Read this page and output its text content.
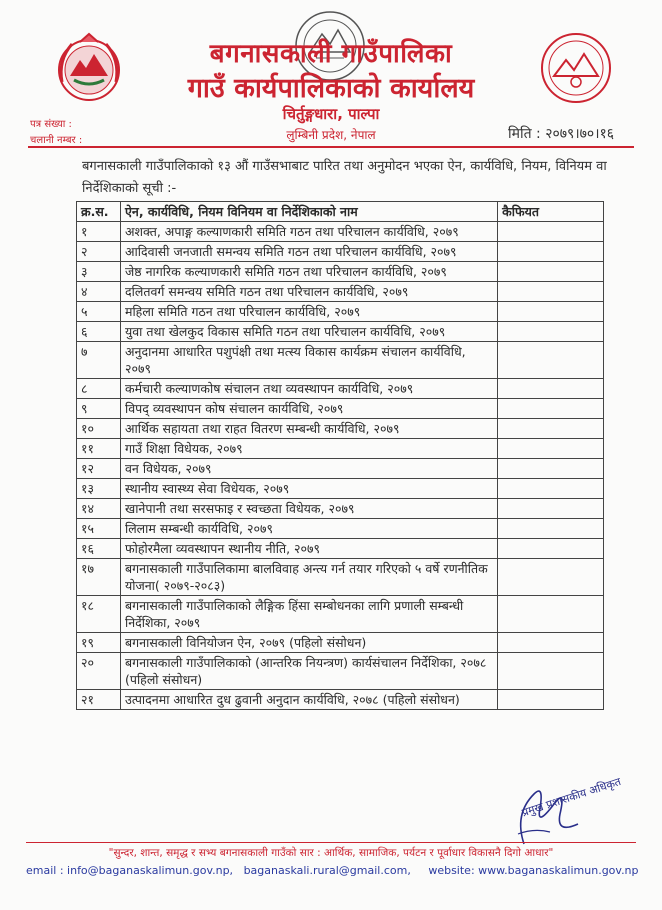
बगनासकाली गाउँपालिका
गाउँ कार्यपालिकाको कार्यालय
चिर्तुङ्गधारा, पाल्पा
लुम्बिनी प्रदेश, नेपाल
पत्र संख्या :
चलानी नम्बर :	मिति : २०७९।७०।१६
बगनासकाली गाउँपालिकाको १३ औं गाउँसभाबाट पारित तथा अनुमोदन भएका ऐन, कार्यविधि, नियम, विनियम वा निर्देशिकाको सूची :-
क्र.स.	ऐन, कार्यविधि, नियम विनियम वा निर्देशिकाको नाम	कैफियत
१	अशक्त, अपाङ्ग कल्याणकारी समिति गठन तथा परिचालन कार्यविधि, २०७९	
२	आदिवासी जनजाती समन्वय समिति गठन तथा परिचालन कार्यविधि, २०७९	
३	जेष्ठ नागरिक कल्याणकारी समिति गठन तथा परिचालन कार्यविधि, २०७९	
४	दलितवर्ग समन्वय समिति गठन तथा परिचालन कार्यविधि, २०७९	
५	महिला समिति गठन तथा परिचालन कार्यविधि, २०७९	
६	युवा तथा खेलकुद विकास समिति गठन तथा परिचालन कार्यविधि, २०७९	
७	अनुदानमा आधारित पशुपंक्षी तथा मत्स्य विकास कार्यक्रम संचालन कार्यविधि, २०७९	
८	कर्मचारी कल्याणकोष संचालन तथा व्यवस्थापन कार्यविधि, २०७९	
९	विपद् व्यवस्थापन कोष संचालन कार्यविधि, २०७९	
१०	आर्थिक सहायता तथा राहत वितरण सम्बन्धी कार्यविधि, २०७९	
११	गाउँ शिक्षा विधेयक, २०७९	
१२	वन विधेयक, २०७९	
१३	स्थानीय स्वास्थ्य सेवा विधेयक, २०७९	
१४	खानेपानी तथा सरसफाइ र स्वच्छता विधेयक, २०७९	
१५	लिलाम सम्बन्धी कार्यविधि, २०७९	
१६	फोहोरमैला व्यवस्थापन स्थानीय नीति, २०७९	
१७	बगनासकाली गाउँपालिकामा बालविवाह अन्त्य गर्न तयार गरिएको ५ वर्षे रणनीतिक योजना( २०७९-२०८३)	
१८	बगनासकाली गाउँपालिकाको लैङ्गिक हिंसा सम्बोधनका लागि प्रणाली सम्बन्धी निर्देशिका, २०७९	
१९	बगनासकाली विनियोजन ऐन, २०७९ (पहिलो संसोधन)	
२०	बगनासकाली गाउँपालिकाको (आन्तरिक नियन्त्रण) कार्यसंचालन निर्देशिका, २०७८ (पहिलो संसोधन)	
२१	उत्पादनमा आधारित दुध ढुवानी अनुदान कार्यविधि, २०७८ (पहिलो संसोधन)	
प्रमुख प्रशासकीय अधिकृत
"सुन्दर, शान्त, समृद्ध र सभ्य बगनासकाली गाउँको सार : आर्थिक, सामाजिक, पर्यटन र पूर्वाधार विकासनै दिगो आधार"
email : info@baganaskalimun.gov.np, baganaskali.rural@gmail.com, website: www.baganaskalimun.gov.np
